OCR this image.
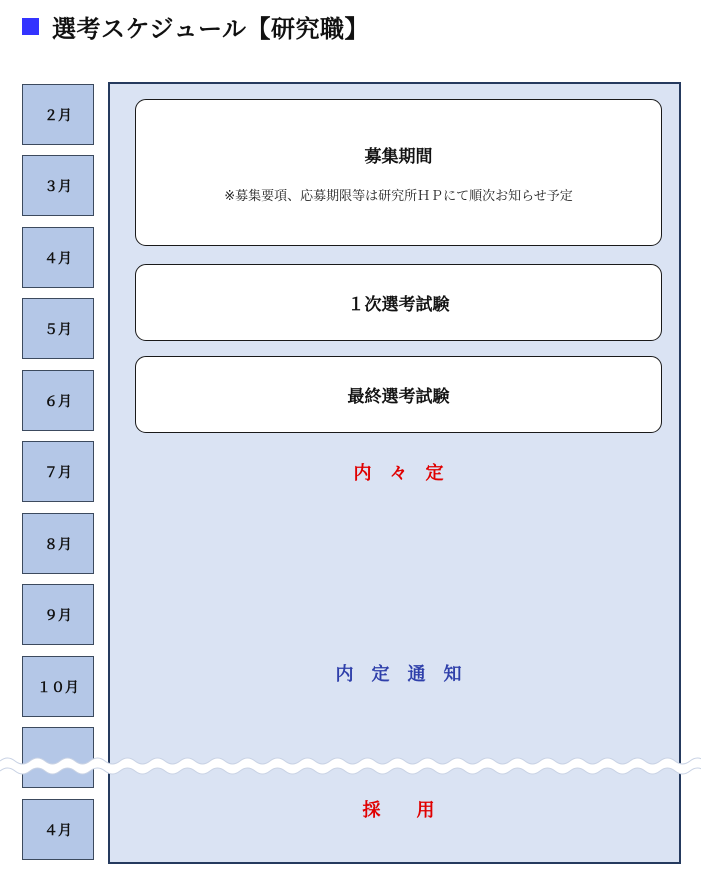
選考スケジュール【研究職】
２月
３月
４月
５月
６月
７月
８月
９月
１０月
４月
募集期間
※募集要項、応募期限等は研究所ＨＰにて順次お知らせ予定
１次選考試験
最終選考試験
内　々　定
内　定　通　知
採　　用
